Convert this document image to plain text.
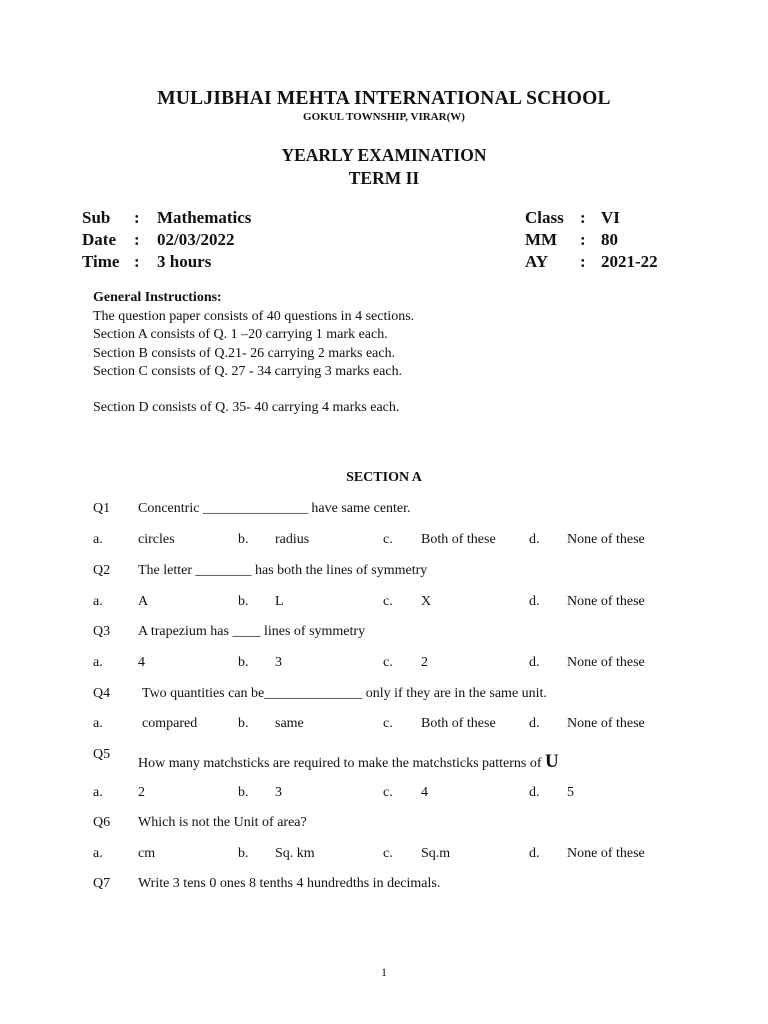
MULJIBHAI MEHTA INTERNATIONAL SCHOOL
GOKUL TOWNSHIP, VIRAR(W)
YEARLY EXAMINATION
TERM II
Sub : Mathematics
Date : 02/03/2022
Time : 3 hours
Class : VI
MM : 80
AY : 2021-22
General Instructions:
The question paper consists of 40 questions in 4 sections.
Section A consists of Q. 1 –20 carrying 1 mark each.
Section B consists of Q.21- 26 carrying 2 marks each.
Section C consists of Q. 27 - 34 carrying 3 marks each.
Section D consists of Q. 35- 40 carrying 4 marks each.
SECTION A
Q1 Concentric _______________ have same center.
a.	circles	b. radius	c. Both of these d. None of these
Q2 The letter ________ has both the lines of symmetry
a.	A	b. L	c. X	d. None of these
Q3 A trapezium has ____ lines of symmetry
a.	4	b. 3	c. 2	d. None of these
Q4 Two quantities can be______________ only if they are in the same unit.
a.	compared	b. same	c. Both of these d. None of these
Q5
How many matchsticks are required to make the matchsticks patterns of U
a.	2	b. 3	c. 4	d. 5
Q6 Which is not the Unit of area?
a.	cm	b. Sq. km	c. Sq.m	d. None of these
Q7 Write 3 tens 0 ones 8 tenths 4 hundredths in decimals.
1
